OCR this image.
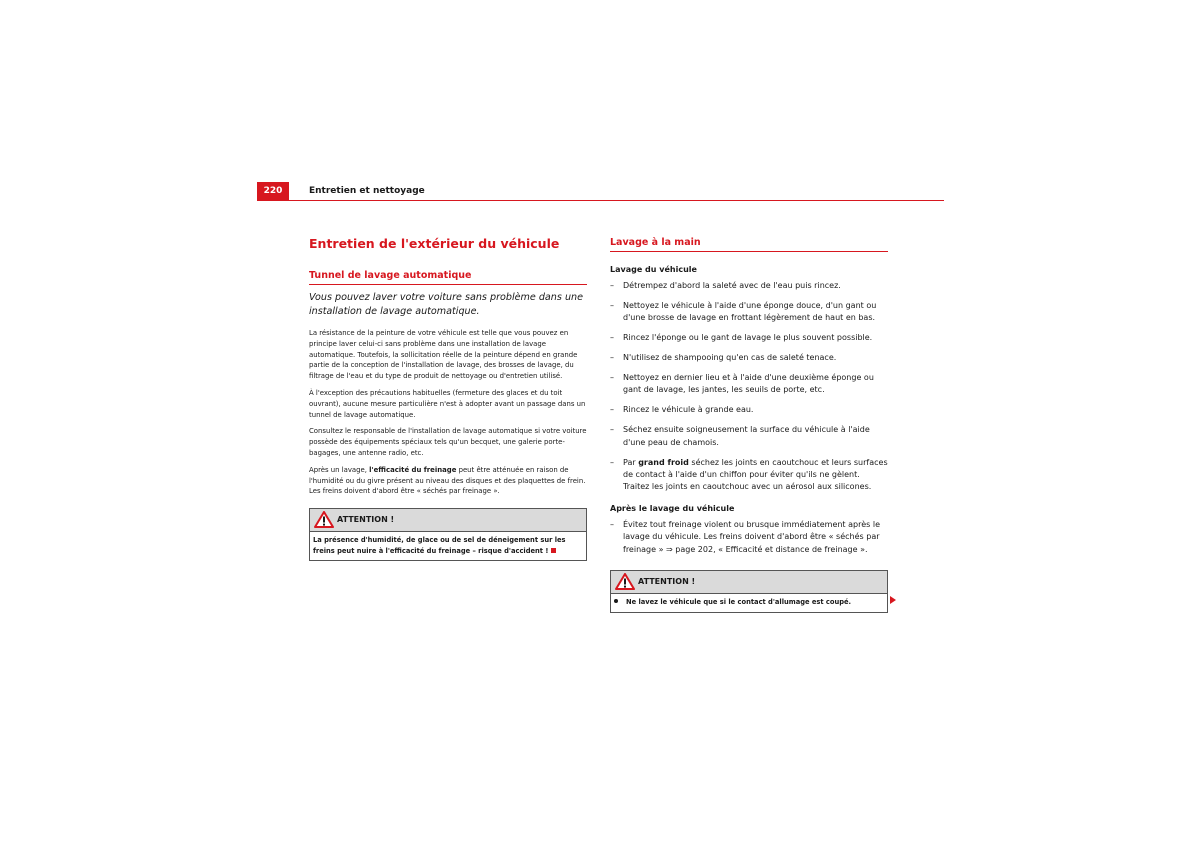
220	Entretien et nettoyage
Entretien de l'extérieur du véhicule
Tunnel de lavage automatique

Vous pouvez laver votre voiture sans problème dans une installation de lavage automatique.

La résistance de la peinture de votre véhicule est telle que vous pouvez en principe laver celui-ci sans problème dans une installation de lavage automatique. Toutefois, la sollicitation réelle de la peinture dépend en grande partie de la conception de l'installation de lavage, des brosses de lavage, du filtrage de l'eau et du type de produit de nettoyage ou d'entretien utilisé.

À l'exception des précautions habituelles (fermeture des glaces et du toit ouvrant), aucune mesure particulière n'est à adopter avant un passage dans un tunnel de lavage automatique.

Consultez le responsable de l'installation de lavage automatique si votre voiture possède des équipements spéciaux tels qu'un becquet, une galerie porte-bagages, une antenne radio, etc.

Après un lavage, l'efficacité du freinage peut être atténuée en raison de l'humidité ou du givre présent au niveau des disques et des plaquettes de frein. Les freins doivent d'abord être « séchés par freinage ».

ATTENTION !
La présence d'humidité, de glace ou de sel de déneigement sur les freins peut nuire à l'efficacité du freinage – risque d'accident !
Lavage à la main
Lavage du véhicule
– Détrempez d'abord la saleté avec de l'eau puis rincez.
– Nettoyez le véhicule à l'aide d'une éponge douce, d'un gant ou d'une brosse de lavage en frottant légèrement de haut en bas.
– Rincez l'éponge ou le gant de lavage le plus souvent possible.
– N'utilisez de shampooing qu'en cas de saleté tenace.
– Nettoyez en dernier lieu et à l'aide d'une deuxième éponge ou gant de lavage, les jantes, les seuils de porte, etc.
– Rincez le véhicule à grande eau.
– Séchez ensuite soigneusement la surface du véhicule à l'aide d'une peau de chamois.
– Par grand froid séchez les joints en caoutchouc et leurs surfaces de contact à l'aide d'un chiffon pour éviter qu'ils ne gèlent. Traitez les joints en caoutchouc avec un aérosol aux silicones.
Après le lavage du véhicule
– Évitez tout freinage violent ou brusque immédiatement après le lavage du véhicule. Les freins doivent d'abord être « séchés par freinage » ⇒ page 202, « Efficacité et distance de freinage ».
ATTENTION !
Ne lavez le véhicule que si le contact d'allumage est coupé.
